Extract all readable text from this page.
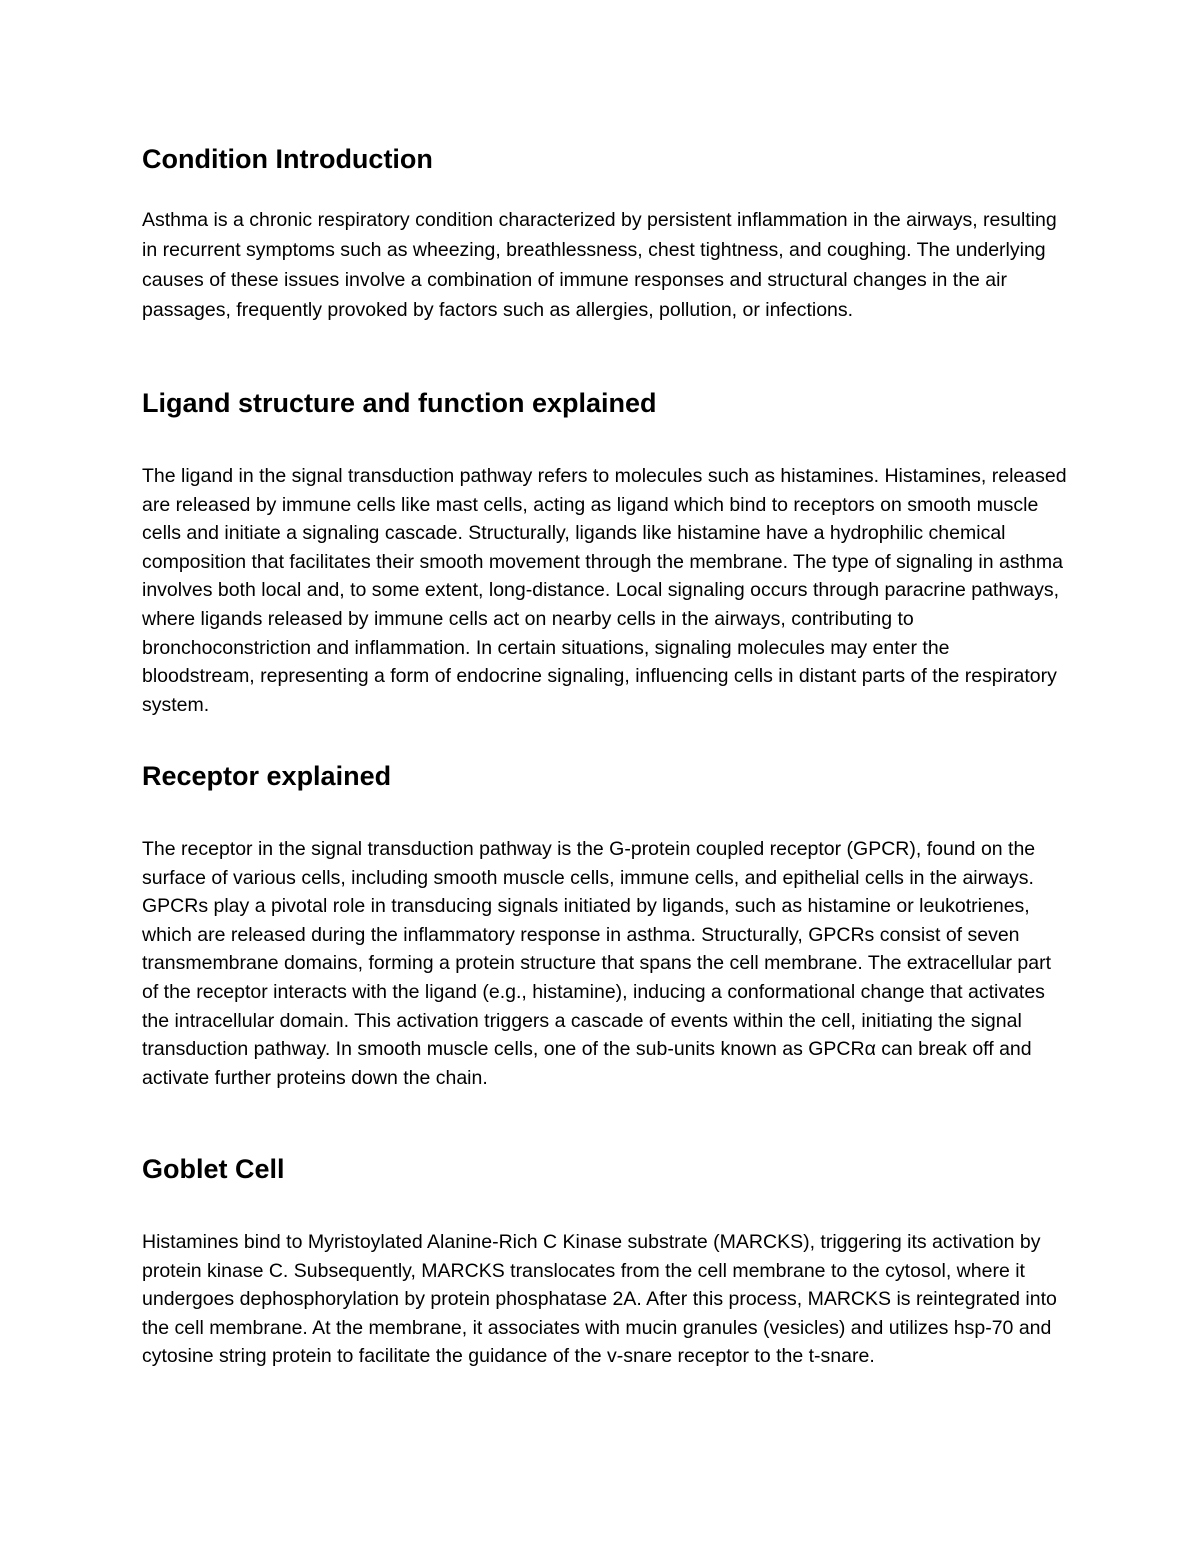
Condition Introduction

Asthma is a chronic respiratory condition characterized by persistent inflammation in the airways, resulting in recurrent symptoms such as wheezing, breathlessness, chest tightness, and coughing. The underlying causes of these issues involve a combination of immune responses and structural changes in the air passages, frequently provoked by factors such as allergies, pollution, or infections.

Ligand structure and function explained

The ligand in the signal transduction pathway refers to molecules such as histamines. Histamines, released are released by immune cells like mast cells, acting as ligand which bind to receptors on smooth muscle cells and initiate a signaling cascade. Structurally, ligands like histamine have a hydrophilic chemical composition that facilitates their smooth movement through the membrane. The type of signaling in asthma involves both local and, to some extent, long-distance. Local signaling occurs through paracrine pathways, where ligands released by immune cells act on nearby cells in the airways, contributing to bronchoconstriction and inflammation. In certain situations, signaling molecules may enter the bloodstream, representing a form of endocrine signaling, influencing cells in distant parts of the respiratory system.

Receptor explained

The receptor in the signal transduction pathway is the G-protein coupled receptor (GPCR), found on the surface of various cells, including smooth muscle cells, immune cells, and epithelial cells in the airways. GPCRs play a pivotal role in transducing signals initiated by ligands, such as histamine or leukotrienes, which are released during the inflammatory response in asthma. Structurally, GPCRs consist of seven transmembrane domains, forming a protein structure that spans the cell membrane. The extracellular part of the receptor interacts with the ligand (e.g., histamine), inducing a conformational change that activates the intracellular domain. This activation triggers a cascade of events within the cell, initiating the signal transduction pathway. In smooth muscle cells, one of the sub-units known as GPCRα can break off and activate further proteins down the chain.

Goblet Cell

Histamines bind to Myristoylated Alanine-Rich C Kinase substrate (MARCKS), triggering its activation by protein kinase C. Subsequently, MARCKS translocates from the cell membrane to the cytosol, where it undergoes dephosphorylation by protein phosphatase 2A. After this process, MARCKS is reintegrated into the cell membrane. At the membrane, it associates with mucin granules (vesicles) and utilizes hsp-70 and cytosine string protein to facilitate the guidance of the v-snare receptor to the t-snare.
